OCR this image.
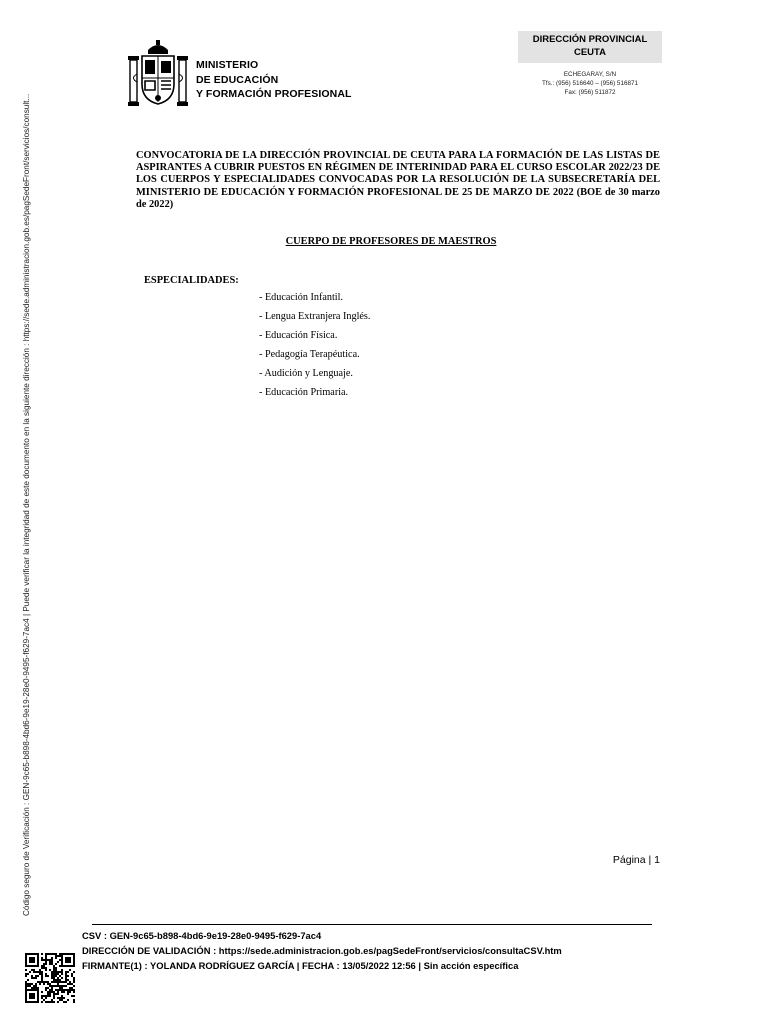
Código seguro de Verificación : GEN-9c65-b898-4bd6-9e19-28e0-9495-f629-7ac4 | Puede verificar la integridad de este documento en la siguiente dirección : https://sede.administracion.gob.es/pagSedeFront/servicios/consult...
MINISTERIO
DE EDUCACIÓN
Y FORMACIÓN PROFESIONAL
DIRECCIÓN PROVINCIAL
CEUTA
ECHEGARAY, S/N
Tfs.: (956) 516640 – (956) 516871
Fax: (956) 511872
CONVOCATORIA DE LA DIRECCIÓN PROVINCIAL DE CEUTA PARA LA FORMACIÓN DE LAS LISTAS DE ASPIRANTES A CUBRIR PUESTOS EN RÉGIMEN DE INTERINIDAD PARA EL CURSO ESCOLAR 2022/23 DE LOS CUERPOS Y ESPECIALIDADES CONVOCADAS POR LA RESOLUCIÓN DE LA SUBSECRETARÍA DEL MINISTERIO DE EDUCACIÓN Y FORMACIÓN PROFESIONAL DE 25 DE MARZO DE 2022 (BOE de 30 marzo de 2022)
CUERPO DE PROFESORES DE MAESTROS
ESPECIALIDADES:
- Educación Infantil.
- Lengua Extranjera Inglés.
- Educación Física.
- Pedagogía Terapéutica.
- Audición y Lenguaje.
- Educación Primaria.
Página | 1
CSV : GEN-9c65-b898-4bd6-9e19-28e0-9495-f629-7ac4
DIRECCIÓN DE VALIDACIÓN : https://sede.administracion.gob.es/pagSedeFront/servicios/consultaCSV.htm
FIRMANTE(1) : YOLANDA RODRÍGUEZ GARCÍA | FECHA : 13/05/2022 12:56 | Sin acción específica
